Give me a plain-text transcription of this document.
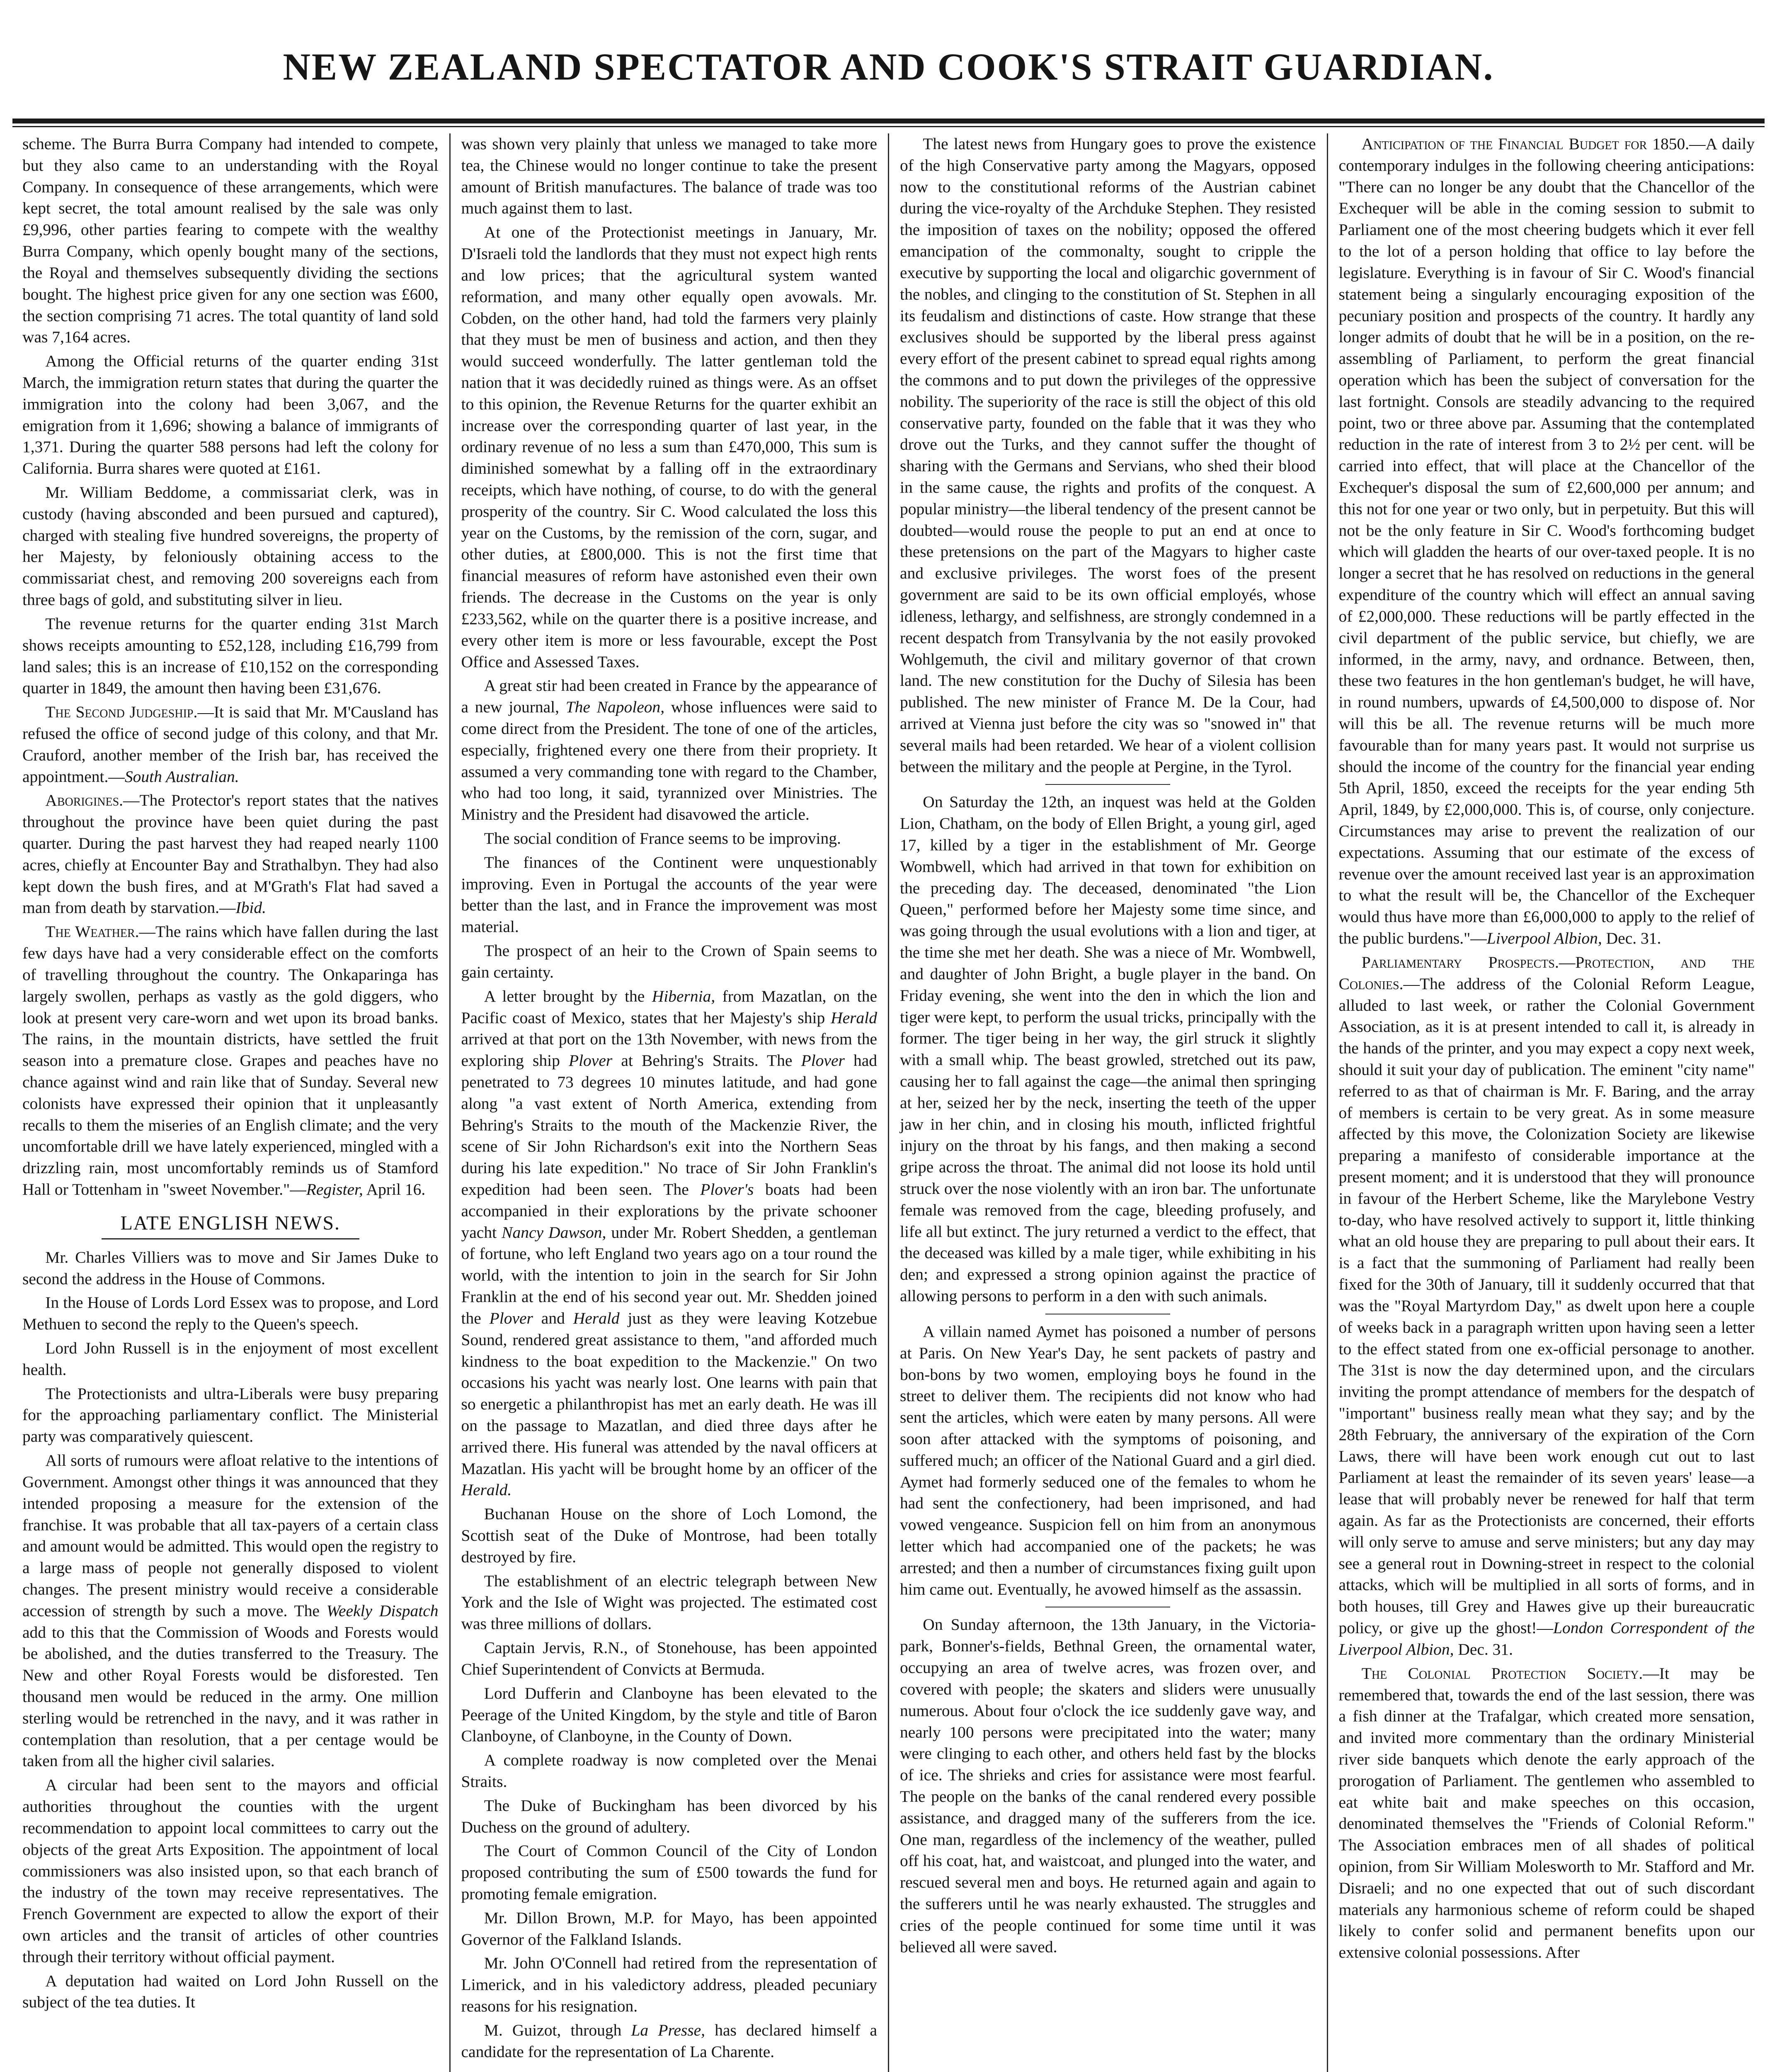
NEW ZEALAND SPECTATOR AND COOK'S STRAIT GUARDIAN.

scheme. The Burra Burra Company had intended to compete, but they also came to an understanding with the Royal Company. In consequence of these arrangements, which were kept secret, the total amount realised by the sale was only £9,996, other parties fearing to compete with the wealthy Burra Company, which openly bought many of the sections, the Royal and themselves subsequently dividing the sections bought. The highest price given for any one section was £600, the section comprising 71 acres. The total quantity of land sold was 7,164 acres.

Among the Official returns of the quarter ending 31st March, the immigration return states that during the quarter the immigration into the colony had been 3,067, and the emigration from it 1,696; showing a balance of immigrants of 1,371. During the quarter 588 persons had left the colony for California. Burra shares were quoted at £161.

Mr. William Beddome, a commissariat clerk, was in custody (having absconded and been pursued and captured), charged with stealing five hundred sovereigns, the property of her Majesty, by feloniously obtaining access to the commissariat chest, and removing 200 sovereigns each from three bags of gold, and substituting silver in lieu.

The revenue returns for the quarter ending 31st March shows receipts amounting to £52,128, including £16,799 from land sales; this is an increase of £10,152 on the corresponding quarter in 1849, the amount then having been £31,676.

The Second Judgeship.—It is said that Mr. M'Causland has refused the office of second judge of this colony, and that Mr. Crauford, another member of the Irish bar, has received the appointment.—South Australian.

Aborigines.—The Protector's report states that the natives throughout the province have been quiet during the past quarter. During the past harvest they had reaped nearly 1100 acres, chiefly at Encounter Bay and Strathalbyn. They had also kept down the bush fires, and at M'Grath's Flat had saved a man from death by starvation.—Ibid.

The Weather.—The rains which have fallen during the last few days have had a very considerable effect on the comforts of travelling throughout the country. The Onkaparinga has largely swollen, perhaps as vastly as the gold diggers, who look at present very care-worn and wet upon its broad banks. The rains, in the mountain districts, have settled the fruit season into a premature close. Grapes and peaches have no chance against wind and rain like that of Sunday. Several new colonists have expressed their opinion that it unpleasantly recalls to them the miseries of an English climate; and the very uncomfortable drill we have lately experienced, mingled with a drizzling rain, most uncomfortably reminds us of Stamford Hall or Tottenham in "sweet November."—Register, April 16.

LATE ENGLISH NEWS.

Mr. Charles Villiers was to move and Sir James Duke to second the address in the House of Commons.

In the House of Lords Lord Essex was to propose, and Lord Methuen to second the reply to the Queen's speech.

Lord John Russell is in the enjoyment of most excellent health.

The Protectionists and ultra-Liberals were busy preparing for the approaching parliamentary conflict. The Ministerial party was comparatively quiescent.

All sorts of rumours were afloat relative to the intentions of Government. Amongst other things it was announced that they intended proposing a measure for the extension of the franchise. It was probable that all tax-payers of a certain class and amount would be admitted. This would open the registry to a large mass of people not generally disposed to violent changes. The present ministry would receive a considerable accession of strength by such a move. The Weekly Dispatch add to this that the Commission of Woods and Forests would be abolished, and the duties transferred to the Treasury. The New and other Royal Forests would be disforested. Ten thousand men would be reduced in the army. One million sterling would be retrenched in the navy, and it was rather in contemplation than resolution, that a per centage would be taken from all the higher civil salaries.

A circular had been sent to the mayors and official authorities throughout the counties with the urgent recommendation to appoint local committees to carry out the objects of the great Arts Exposition. The appointment of local commissioners was also insisted upon, so that each branch of the industry of the town may receive representatives. The French Government are expected to allow the export of their own articles and the transit of articles of other countries through their territory without official payment.

A deputation had waited on Lord John Russell on the subject of the tea duties. It

was shown very plainly that unless we managed to take more tea, the Chinese would no longer continue to take the present amount of British manufactures. The balance of trade was too much against them to last.

At one of the Protectionist meetings in January, Mr. D'Israeli told the landlords that they must not expect high rents and low prices; that the agricultural system wanted reformation, and many other equally open avowals. Mr. Cobden, on the other hand, had told the farmers very plainly that they must be men of business and action, and then they would succeed wonderfully. The latter gentleman told the nation that it was decidedly ruined as things were. As an offset to this opinion, the Revenue Returns for the quarter exhibit an increase over the corresponding quarter of last year, in the ordinary revenue of no less a sum than £470,000, This sum is diminished somewhat by a falling off in the extraordinary receipts, which have nothing, of course, to do with the general prosperity of the country. Sir C. Wood calculated the loss this year on the Customs, by the remission of the corn, sugar, and other duties, at £800,000. This is not the first time that financial measures of reform have astonished even their own friends. The decrease in the Customs on the year is only £233,562, while on the quarter there is a positive increase, and every other item is more or less favourable, except the Post Office and Assessed Taxes.

A great stir had been created in France by the appearance of a new journal, The Napoleon, whose influences were said to come direct from the President. The tone of one of the articles, especially, frightened every one there from their propriety. It assumed a very commanding tone with regard to the Chamber, who had too long, it said, tyrannized over Ministries. The Ministry and the President had disavowed the article.

The social condition of France seems to be improving.

The finances of the Continent were unquestionably improving. Even in Portugal the accounts of the year were better than the last, and in France the improvement was most material.

The prospect of an heir to the Crown of Spain seems to gain certainty.

A letter brought by the Hibernia, from Mazatlan, on the Pacific coast of Mexico, states that her Majesty's ship Herald arrived at that port on the 13th November, with news from the exploring ship Plover at Behring's Straits. The Plover had penetrated to 73 degrees 10 minutes latitude, and had gone along "a vast extent of North America, extending from Behring's Straits to the mouth of the Mackenzie River, the scene of Sir John Richardson's exit into the Northern Seas during his late expedition." No trace of Sir John Franklin's expedition had been seen. The Plover's boats had been accompanied in their explorations by the private schooner yacht Nancy Dawson, under Mr. Robert Shedden, a gentleman of fortune, who left England two years ago on a tour round the world, with the intention to join in the search for Sir John Franklin at the end of his second year out. Mr. Shedden joined the Plover and Herald just as they were leaving Kotzebue Sound, rendered great assistance to them, "and afforded much kindness to the boat expedition to the Mackenzie." On two occasions his yacht was nearly lost. One learns with pain that so energetic a philanthropist has met an early death. He was ill on the passage to Mazatlan, and died three days after he arrived there. His funeral was attended by the naval officers at Mazatlan. His yacht will be brought home by an officer of the Herald.

Buchanan House on the shore of Loch Lomond, the Scottish seat of the Duke of Montrose, had been totally destroyed by fire.

The establishment of an electric telegraph between New York and the Isle of Wight was projected. The estimated cost was three millions of dollars.

Captain Jervis, R.N., of Stonehouse, has been appointed Chief Superintendent of Convicts at Bermuda.

Lord Dufferin and Clanboyne has been elevated to the Peerage of the United Kingdom, by the style and title of Baron Clanboyne, of Clanboyne, in the County of Down.

A complete roadway is now completed over the Menai Straits.

The Duke of Buckingham has been divorced by his Duchess on the ground of adultery.

The Court of Common Council of the City of London proposed contributing the sum of £500 towards the fund for promoting female emigration.

Mr. Dillon Brown, M.P. for Mayo, has been appointed Governor of the Falkland Islands.

Mr. John O'Connell had retired from the representation of Limerick, and in his valedictory address, pleaded pecuniary reasons for his resignation.

M. Guizot, through La Presse, has declared himself a candidate for the representation of La Charente.

The latest news from Hungary goes to prove the existence of the high Conservative party among the Magyars, opposed now to the constitutional reforms of the Austrian cabinet during the vice-royalty of the Archduke Stephen. They resisted the imposition of taxes on the nobility; opposed the offered emancipation of the commonalty, sought to cripple the executive by supporting the local and oligarchic government of the nobles, and clinging to the constitution of St. Stephen in all its feudalism and distinctions of caste. How strange that these exclusives should be supported by the liberal press against every effort of the present cabinet to spread equal rights among the commons and to put down the privileges of the oppressive nobility. The superiority of the race is still the object of this old conservative party, founded on the fable that it was they who drove out the Turks, and they cannot suffer the thought of sharing with the Germans and Servians, who shed their blood in the same cause, the rights and profits of the conquest. A popular ministry—the liberal tendency of the present cannot be doubted—would rouse the people to put an end at once to these pretensions on the part of the Magyars to higher caste and exclusive privileges. The worst foes of the present government are said to be its own official employés, whose idleness, lethargy, and selfishness, are strongly condemned in a recent despatch from Transylvania by the not easily provoked Wohlgemuth, the civil and military governor of that crown land. The new constitution for the Duchy of Silesia has been published. The new minister of France M. De la Cour, had arrived at Vienna just before the city was so "snowed in" that several mails had been retarded. We hear of a violent collision between the military and the people at Pergine, in the Tyrol.

On Saturday the 12th, an inquest was held at the Golden Lion, Chatham, on the body of Ellen Bright, a young girl, aged 17, killed by a tiger in the establishment of Mr. George Wombwell, which had arrived in that town for exhibition on the preceding day. The deceased, denominated "the Lion Queen," performed before her Majesty some time since, and was going through the usual evolutions with a lion and tiger, at the time she met her death. She was a niece of Mr. Wombwell, and daughter of John Bright, a bugle player in the band. On Friday evening, she went into the den in which the lion and tiger were kept, to perform the usual tricks, principally with the former. The tiger being in her way, the girl struck it slightly with a small whip. The beast growled, stretched out its paw, causing her to fall against the cage—the animal then springing at her, seized her by the neck, inserting the teeth of the upper jaw in her chin, and in closing his mouth, inflicted frightful injury on the throat by his fangs, and then making a second gripe across the throat. The animal did not loose its hold until struck over the nose violently with an iron bar. The unfortunate female was removed from the cage, bleeding profusely, and life all but extinct. The jury returned a verdict to the effect, that the deceased was killed by a male tiger, while exhibiting in his den; and expressed a strong opinion against the practice of allowing persons to perform in a den with such animals.

A villain named Aymet has poisoned a number of persons at Paris. On New Year's Day, he sent packets of pastry and bon-bons by two women, employing boys he found in the street to deliver them. The recipients did not know who had sent the articles, which were eaten by many persons. All were soon after attacked with the symptoms of poisoning, and suffered much; an officer of the National Guard and a girl died. Aymet had formerly seduced one of the females to whom he had sent the confectionery, had been imprisoned, and had vowed vengeance. Suspicion fell on him from an anonymous letter which had accompanied one of the packets; he was arrested; and then a number of circumstances fixing guilt upon him came out. Eventually, he avowed himself as the assassin.

On Sunday afternoon, the 13th January, in the Victoria-park, Bonner's-fields, Bethnal Green, the ornamental water, occupying an area of twelve acres, was frozen over, and covered with people; the skaters and sliders were unusually numerous. About four o'clock the ice suddenly gave way, and nearly 100 persons were precipitated into the water; many were clinging to each other, and others held fast by the blocks of ice. The shrieks and cries for assistance were most fearful. The people on the banks of the canal rendered every possible assistance, and dragged many of the sufferers from the ice. One man, regardless of the inclemency of the weather, pulled off his coat, hat, and waistcoat, and plunged into the water, and rescued several men and boys. He returned again and again to the sufferers until he was nearly exhausted. The struggles and cries of the people continued for some time until it was believed all were saved.

Anticipation of the Financial Budget for 1850.—A daily contemporary indulges in the following cheering anticipations: "There can no longer be any doubt that the Chancellor of the Exchequer will be able in the coming session to submit to Parliament one of the most cheering budgets which it ever fell to the lot of a person holding that office to lay before the legislature. Everything is in favour of Sir C. Wood's financial statement being a singularly encouraging exposition of the pecuniary position and prospects of the country. It hardly any longer admits of doubt that he will be in a position, on the re-assembling of Parliament, to perform the great financial operation which has been the subject of conversation for the last fortnight. Consols are steadily advancing to the required point, two or three above par. Assuming that the contemplated reduction in the rate of interest from 3 to 2½ per cent. will be carried into effect, that will place at the Chancellor of the Exchequer's disposal the sum of £2,600,000 per annum; and this not for one year or two only, but in perpetuity. But this will not be the only feature in Sir C. Wood's forthcoming budget which will gladden the hearts of our over-taxed people. It is no longer a secret that he has resolved on reductions in the general expenditure of the country which will effect an annual saving of £2,000,000. These reductions will be partly effected in the civil department of the public service, but chiefly, we are informed, in the army, navy, and ordnance. Between, then, these two features in the hon gentleman's budget, he will have, in round numbers, upwards of £4,500,000 to dispose of. Nor will this be all. The revenue returns will be much more favourable than for many years past. It would not surprise us should the income of the country for the financial year ending 5th April, 1850, exceed the receipts for the year ending 5th April, 1849, by £2,000,000. This is, of course, only conjecture. Circumstances may arise to prevent the realization of our expectations. Assuming that our estimate of the excess of revenue over the amount received last year is an approximation to what the result will be, the Chancellor of the Exchequer would thus have more than £6,000,000 to apply to the relief of the public burdens."—Liverpool Albion, Dec. 31.

Parliamentary Prospects.—Protection, and the Colonies.—The address of the Colonial Reform League, alluded to last week, or rather the Colonial Government Association, as it is at present intended to call it, is already in the hands of the printer, and you may expect a copy next week, should it suit your day of publication. The eminent "city name" referred to as that of chairman is Mr. F. Baring, and the array of members is certain to be very great. As in some measure affected by this move, the Colonization Society are likewise preparing a manifesto of considerable importance at the present moment; and it is understood that they will pronounce in favour of the Herbert Scheme, like the Marylebone Vestry to-day, who have resolved actively to support it, little thinking what an old house they are preparing to pull about their ears. It is a fact that the summoning of Parliament had really been fixed for the 30th of January, till it suddenly occurred that that was the "Royal Martyrdom Day," as dwelt upon here a couple of weeks back in a paragraph written upon having seen a letter to the effect stated from one ex-official personage to another. The 31st is now the day determined upon, and the circulars inviting the prompt attendance of members for the despatch of "important" business really mean what they say; and by the 28th February, the anniversary of the expiration of the Corn Laws, there will have been work enough cut out to last Parliament at least the remainder of its seven years' lease—a lease that will probably never be renewed for half that term again. As far as the Protectionists are concerned, their efforts will only serve to amuse and serve ministers; but any day may see a general rout in Downing-street in respect to the colonial attacks, which will be multiplied in all sorts of forms, and in both houses, till Grey and Hawes give up their bureaucratic policy, or give up the ghost!—London Correspondent of the Liverpool Albion, Dec. 31.

The Colonial Protection Society.—It may be remembered that, towards the end of the last session, there was a fish dinner at the Trafalgar, which created more sensation, and invited more commentary than the ordinary Ministerial river side banquets which denote the early approach of the prorogation of Parliament. The gentlemen who assembled to eat white bait and make speeches on this occasion, denominated themselves the "Friends of Colonial Reform." The Association embraces men of all shades of political opinion, from Sir William Molesworth to Mr. Stafford and Mr. Disraeli; and no one expected that out of such discordant materials any harmonious scheme of reform could be shaped likely to confer solid and permanent benefits upon our extensive colonial possessions. After
